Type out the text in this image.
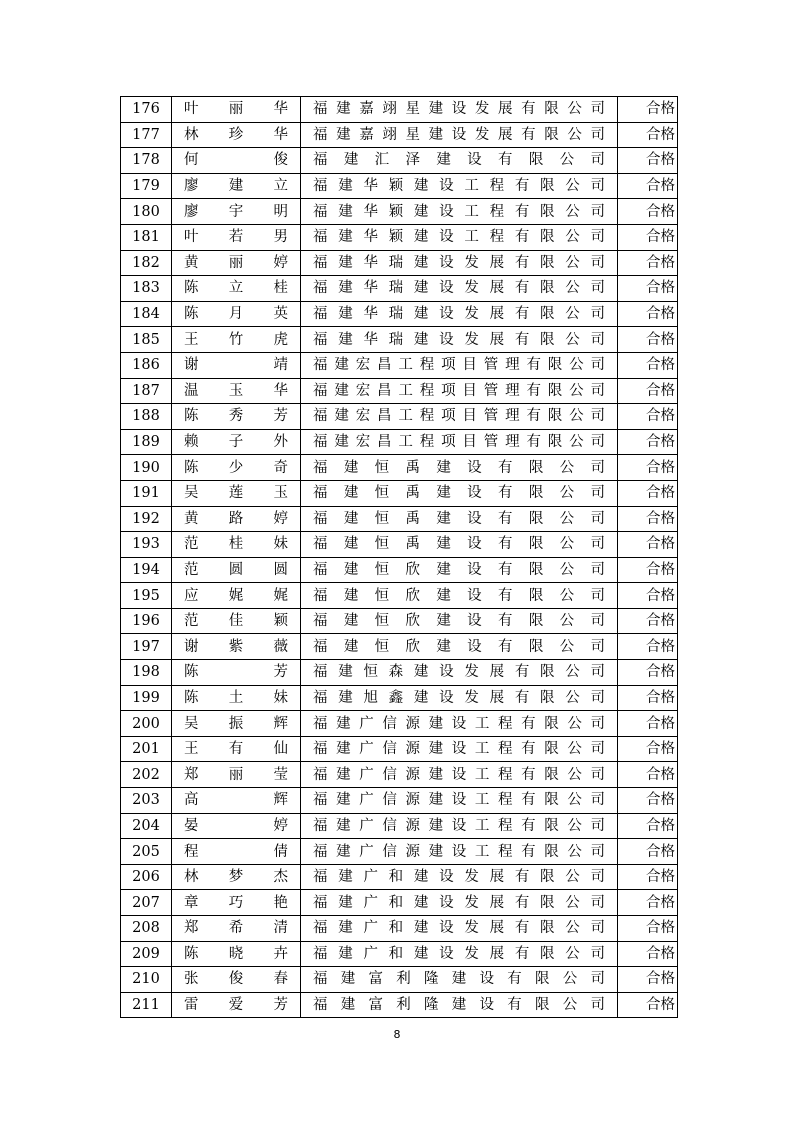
176	叶丽华	福建嘉翊星建设发展有限公司	合格
177	林珍华	福建嘉翊星建设发展有限公司	合格
178	何俊	福建汇泽建设有限公司	合格
179	廖建立	福建华颖建设工程有限公司	合格
180	廖宇明	福建华颖建设工程有限公司	合格
181	叶若男	福建华颖建设工程有限公司	合格
182	黄丽婷	福建华瑞建设发展有限公司	合格
183	陈立桂	福建华瑞建设发展有限公司	合格
184	陈月英	福建华瑞建设发展有限公司	合格
185	王竹虎	福建华瑞建设发展有限公司	合格
186	谢靖	福建宏昌工程项目管理有限公司	合格
187	温玉华	福建宏昌工程项目管理有限公司	合格
188	陈秀芳	福建宏昌工程项目管理有限公司	合格
189	赖子外	福建宏昌工程项目管理有限公司	合格
190	陈少奇	福建恒禹建设有限公司	合格
191	吴莲玉	福建恒禹建设有限公司	合格
192	黄路婷	福建恒禹建设有限公司	合格
193	范桂妹	福建恒禹建设有限公司	合格
194	范圆圆	福建恒欣建设有限公司	合格
195	应娓娓	福建恒欣建设有限公司	合格
196	范佳颖	福建恒欣建设有限公司	合格
197	谢紫薇	福建恒欣建设有限公司	合格
198	陈芳	福建恒森建设发展有限公司	合格
199	陈土妹	福建旭鑫建设发展有限公司	合格
200	吴振辉	福建广信源建设工程有限公司	合格
201	王有仙	福建广信源建设工程有限公司	合格
202	郑丽莹	福建广信源建设工程有限公司	合格
203	高辉	福建广信源建设工程有限公司	合格
204	晏婷	福建广信源建设工程有限公司	合格
205	程倩	福建广信源建设工程有限公司	合格
206	林梦杰	福建广和建设发展有限公司	合格
207	章巧艳	福建广和建设发展有限公司	合格
208	郑希清	福建广和建设发展有限公司	合格
209	陈晓卉	福建广和建设发展有限公司	合格
210	张俊春	福建富利隆建设有限公司	合格
211	雷爱芳	福建富利隆建设有限公司	合格
8
